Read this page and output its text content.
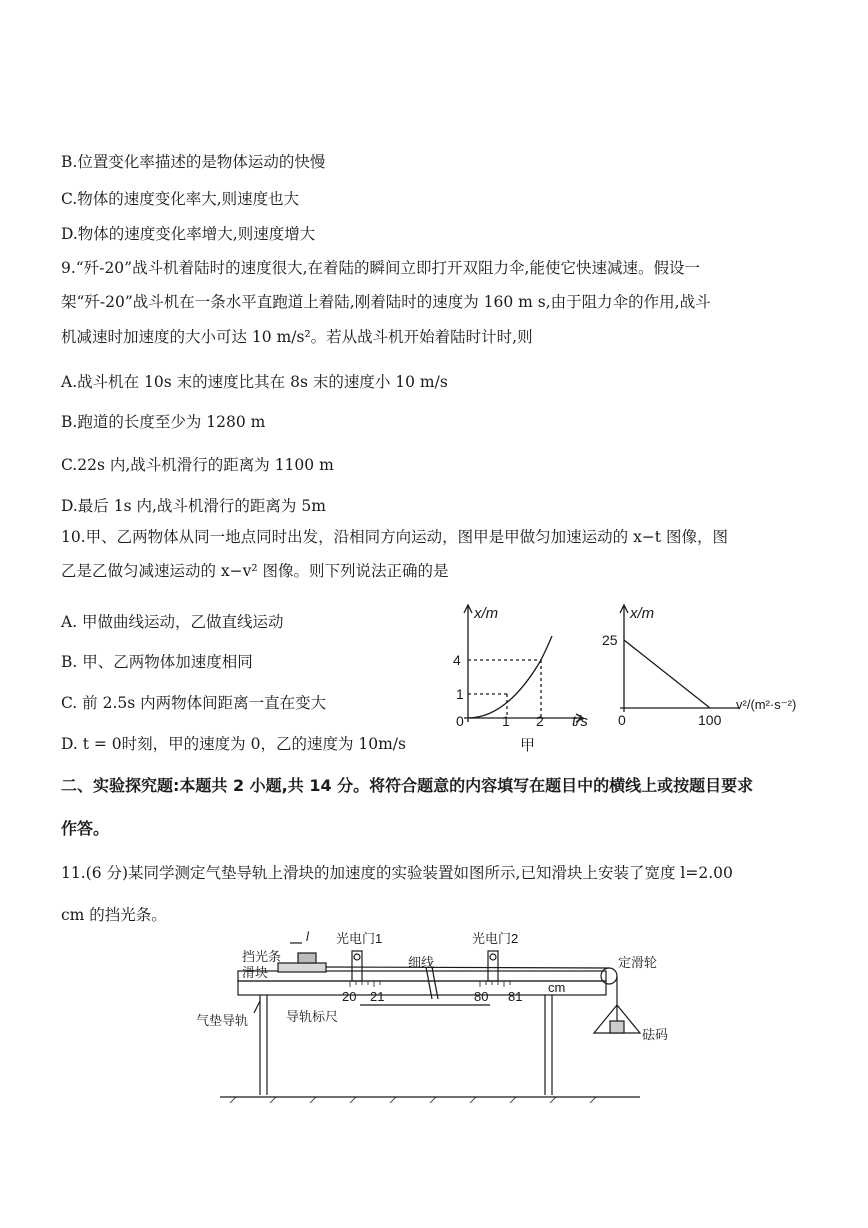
B.位置变化率描述的是物体运动的快慢
C.物体的速度变化率大,则速度也大
D.物体的速度变化率增大,则速度增大
9.“歼-20”战斗机着陆时的速度很大,在着陆的瞬间立即打开双阻力伞,能使它快速减速。假设一
架“歼-20”战斗机在一条水平直跑道上着陆,刚着陆时的速度为 160 m s,由于阻力伞的作用,战斗
机减速时加速度的大小可达 10 m/s²。若从战斗机开始着陆时计时,则
A.战斗机在 10s 末的速度比其在 8s 末的速度小 10 m/s
B.跑道的长度至少为 1280 m
C.22s 内,战斗机滑行的距离为 1100 m
D.最后 1s 内,战斗机滑行的距离为 5m
10.甲、乙两物体从同一地点同时出发，沿相同方向运动，图甲是甲做匀加速运动的 x−t 图像，图
乙是乙做匀减速运动的 x−v² 图像。则下列说法正确的是
A. 甲做曲线运动，乙做直线运动
B. 甲、乙两物体加速度相同
C. 前 2.5s 内两物体间距离一直在变大
D. t = 0时刻，甲的速度为 0，乙的速度为 10m/s
二、实验探究题:本题共 2 小题,共 14 分。将符合题意的内容填写在题目中的横线上或按题目要求
作答。
11.(6 分)某同学测定气垫导轨上滑块的加速度的实验装置如图所示,已知滑块上安装了宽度 l=2.00
cm 的挡光条。
x/m
4
1
0	1 2 t/s
甲
x/m
25
0	100
v²/(m²·s⁻²)
挡光条
l
滑块
光电门1	光电门2
细线	定滑轮
气垫导轨	导轨标尺
20 21	80 81
cm
砝码
